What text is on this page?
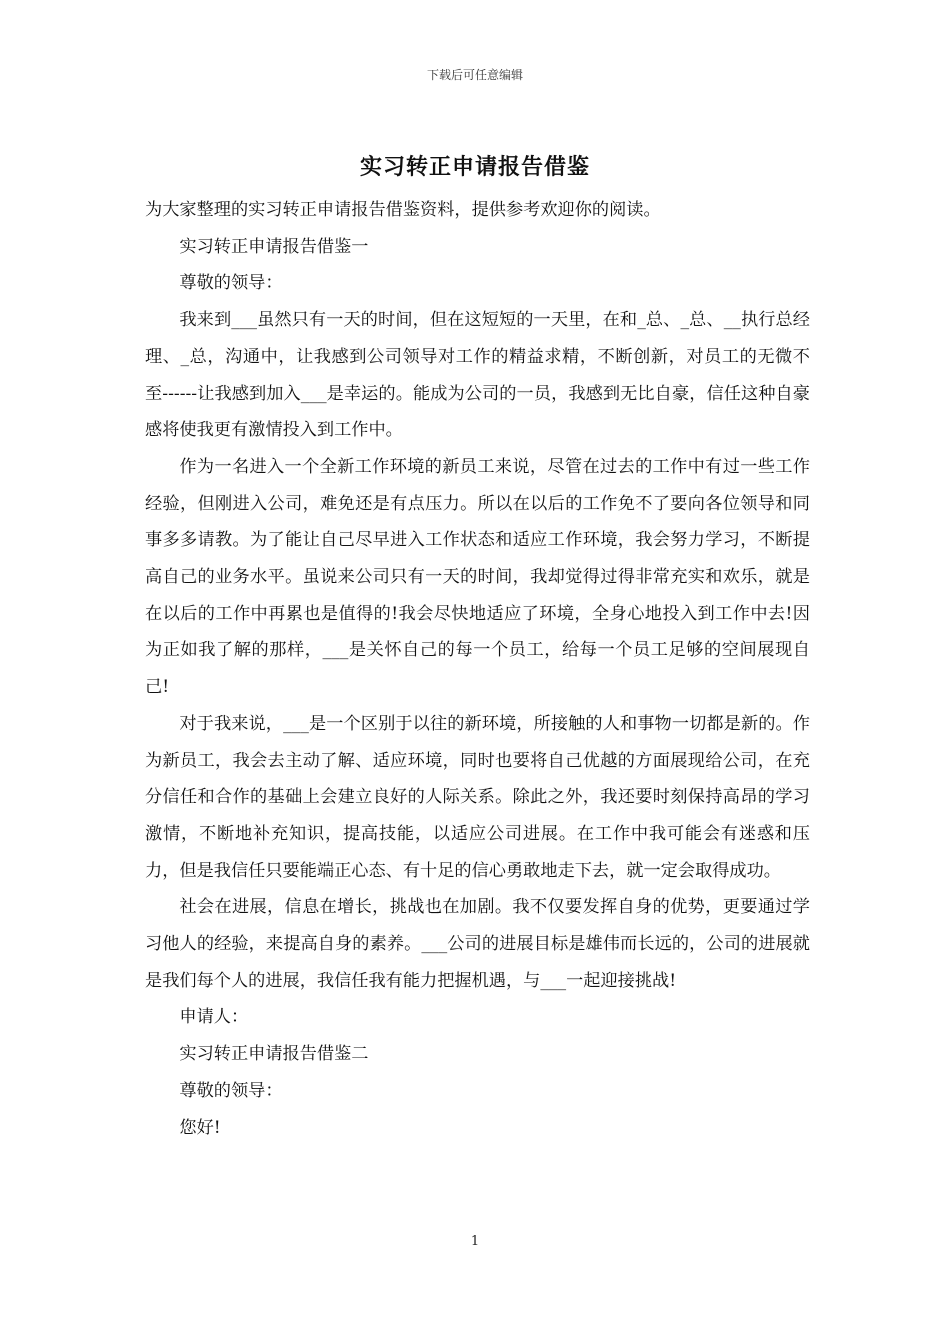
下载后可任意编辑
实习转正申请报告借鉴

为大家整理的实习转正申请报告借鉴资料，提供参考欢迎你的阅读。

实习转正申请报告借鉴一

尊敬的领导：

我来到___虽然只有一天的时间，但在这短短的一天里，在和_总、_总、__执行总经理、_总，沟通中，让我感到公司领导对工作的精益求精，不断创新，对员工的无微不至------让我感到加入___是幸运的。能成为公司的一员，我感到无比自豪，信任这种自豪感将使我更有激情投入到工作中。

作为一名进入一个全新工作环境的新员工来说，尽管在过去的工作中有过一些工作经验，但刚进入公司，难免还是有点压力。所以在以后的工作免不了要向各位领导和同事多多请教。为了能让自己尽早进入工作状态和适应工作环境，我会努力学习，不断提高自己的业务水平。虽说来公司只有一天的时间，我却觉得过得非常充实和欢乐，就是在以后的工作中再累也是值得的!我会尽快地适应了环境，全身心地投入到工作中去!因为正如我了解的那样，___是关怀自己的每一个员工，给每一个员工足够的空间展现自己!

对于我来说，___是一个区别于以往的新环境，所接触的人和事物一切都是新的。作为新员工，我会去主动了解、适应环境，同时也要将自己优越的方面展现给公司，在充分信任和合作的基础上会建立良好的人际关系。除此之外，我还要时刻保持高昂的学习激情，不断地补充知识，提高技能，以适应公司进展。在工作中我可能会有迷惑和压力，但是我信任只要能端正心态、有十足的信心勇敢地走下去，就一定会取得成功。

社会在进展，信息在增长，挑战也在加剧。我不仅要发挥自身的优势，更要通过学习他人的经验，来提高自身的素养。___公司的进展目标是雄伟而长远的，公司的进展就是我们每个人的进展，我信任我有能力把握机遇，与___一起迎接挑战!

申请人：

实习转正申请报告借鉴二

尊敬的领导：

您好!

1
